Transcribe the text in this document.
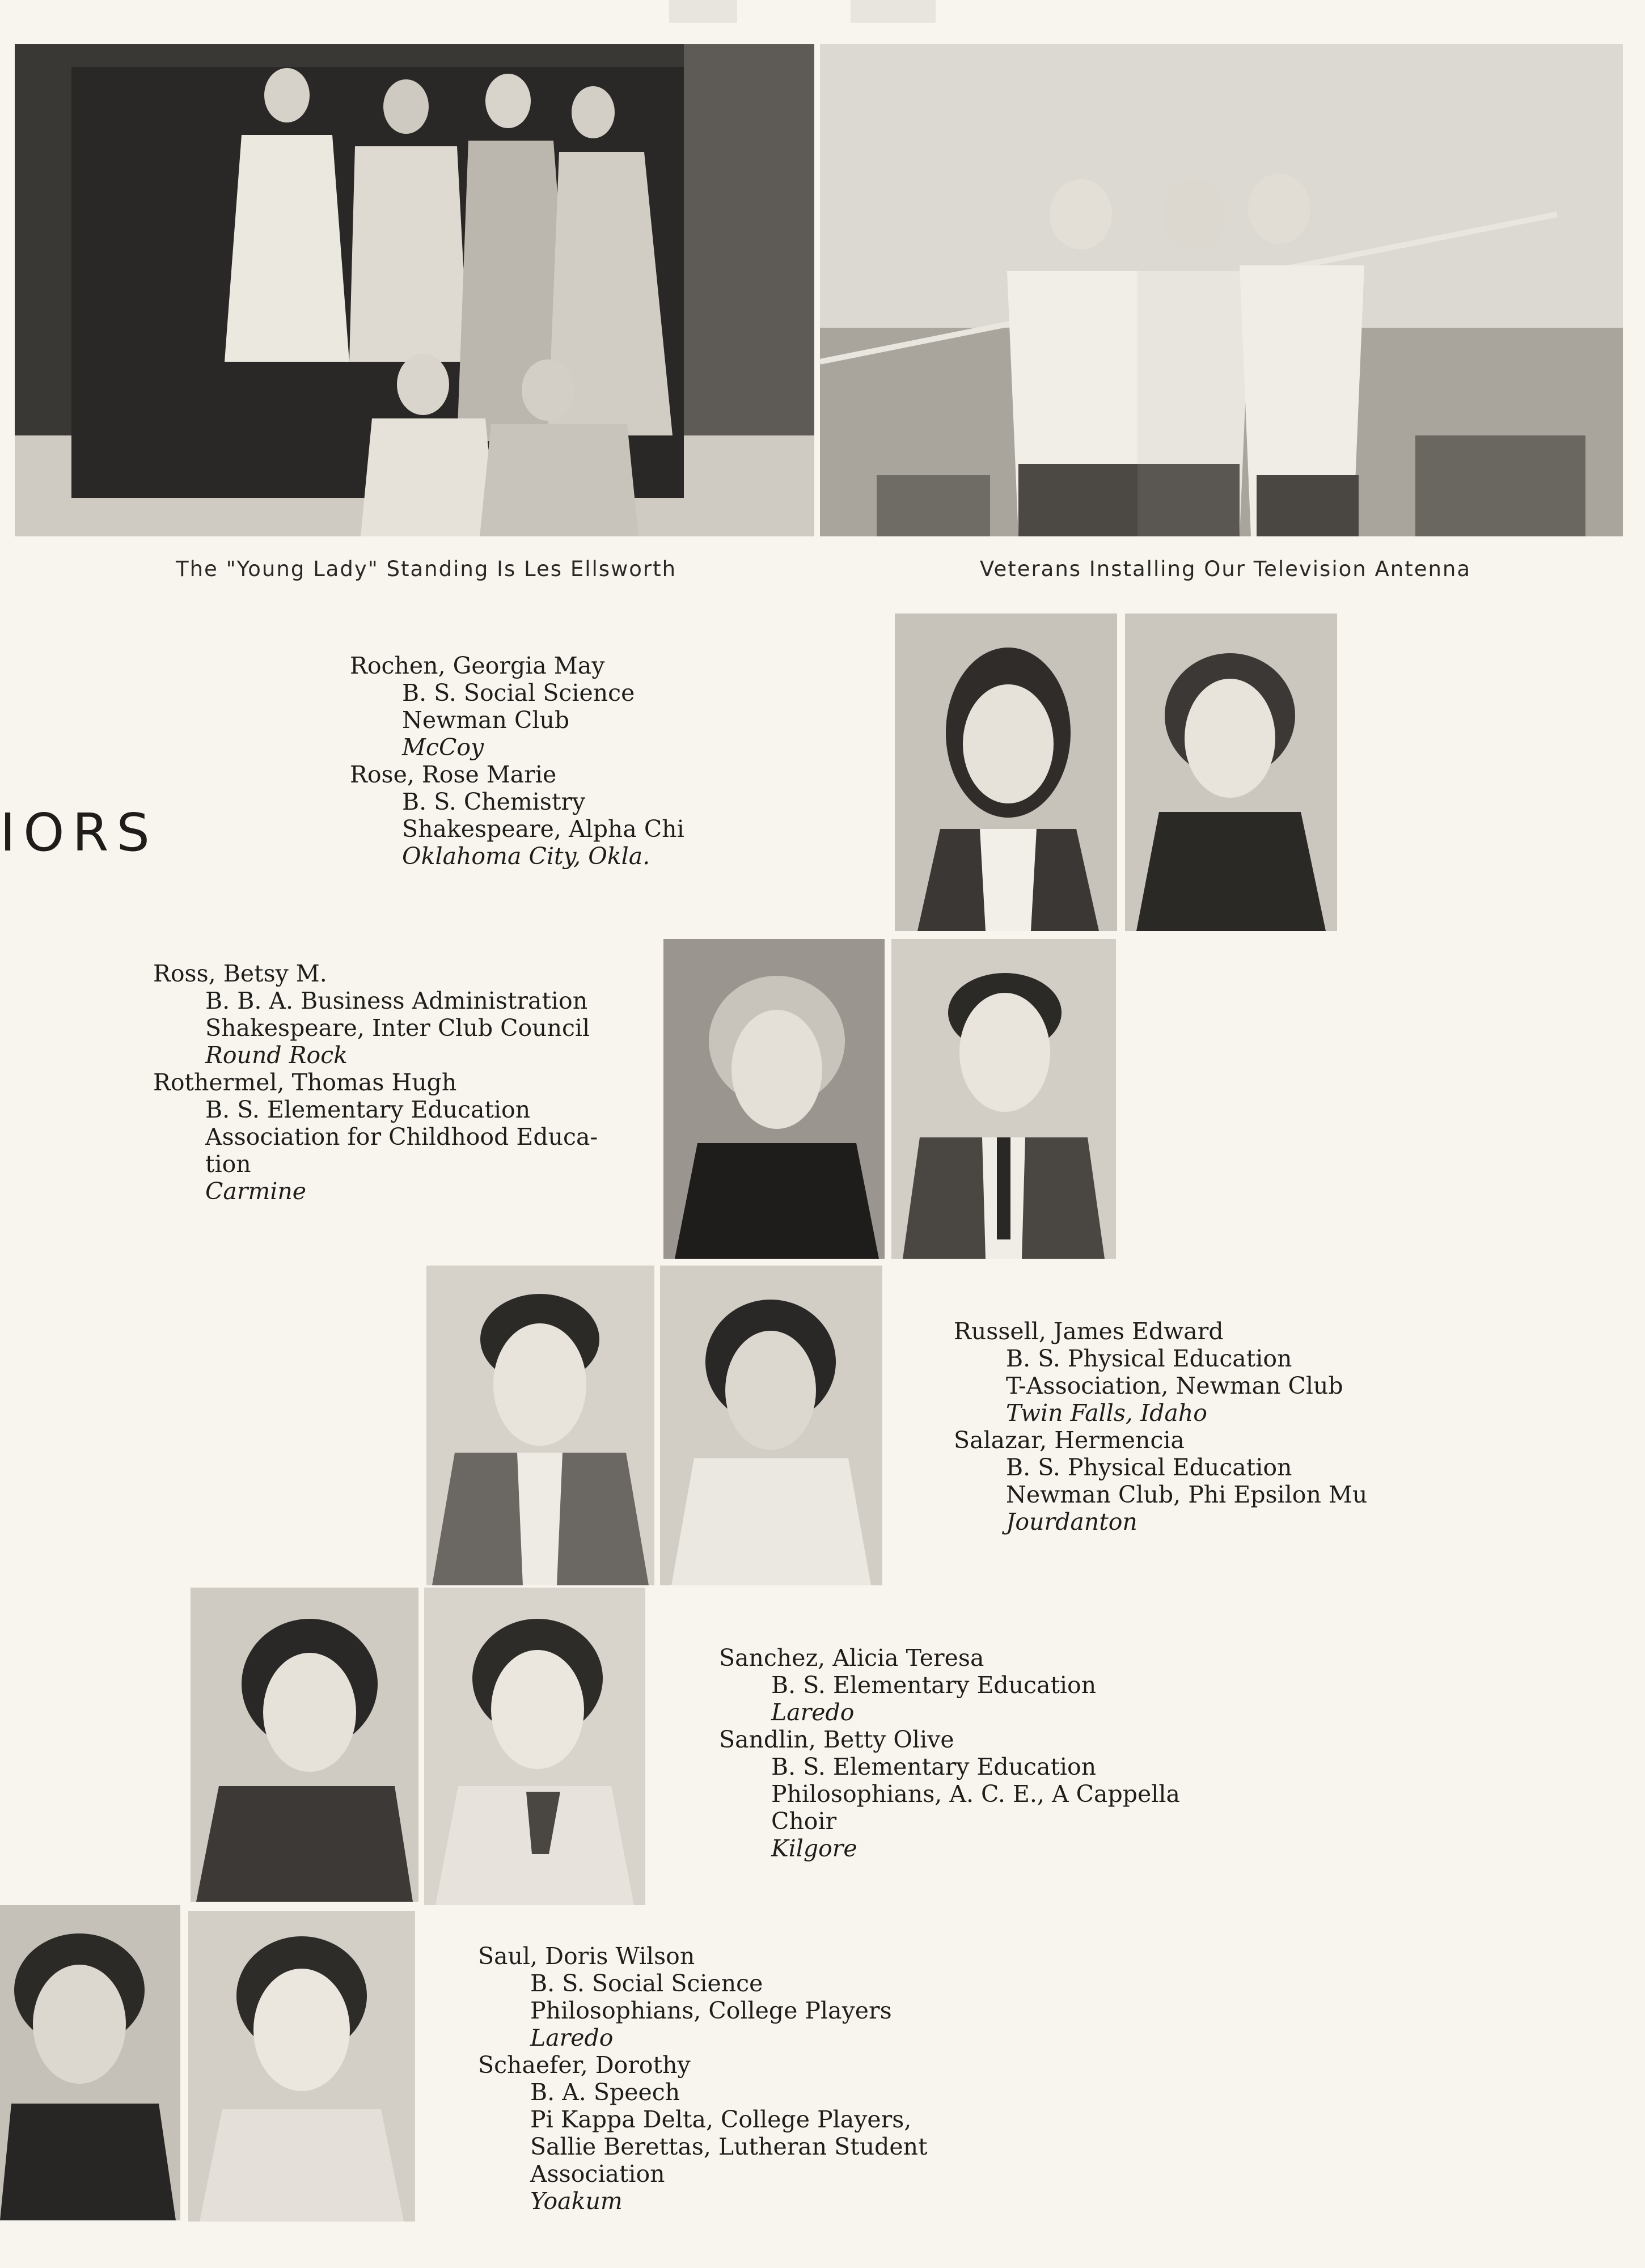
The "Young Lady" Standing Is Les Ellsworth	Veterans Installing Our Television Antenna
IORS
Rochen, Georgia May
B. S. Social Science
Newman Club
McCoy
Rose, Rose Marie
B. S. Chemistry
Shakespeare, Alpha Chi
Oklahoma City, Okla.
Ross, Betsy M.
B. B. A. Business Administration
Shakespeare, Inter Club Council
Round Rock
Rothermel, Thomas Hugh
B. S. Elementary Education
Association for Childhood Educa-
tion
Carmine
Russell, James Edward
B. S. Physical Education
T-Association, Newman Club
Twin Falls, Idaho
Salazar, Hermencia
B. S. Physical Education
Newman Club, Phi Epsilon Mu
Jourdanton
Sanchez, Alicia Teresa
B. S. Elementary Education
Laredo
Sandlin, Betty Olive
B. S. Elementary Education
Philosophians, A. C. E., A Cappella
Choir
Kilgore
Saul, Doris Wilson
B. S. Social Science
Philosophians, College Players
Laredo
Schaefer, Dorothy
B. A. Speech
Pi Kappa Delta, College Players,
Sallie Berettas, Lutheran Student
Association
Yoakum
